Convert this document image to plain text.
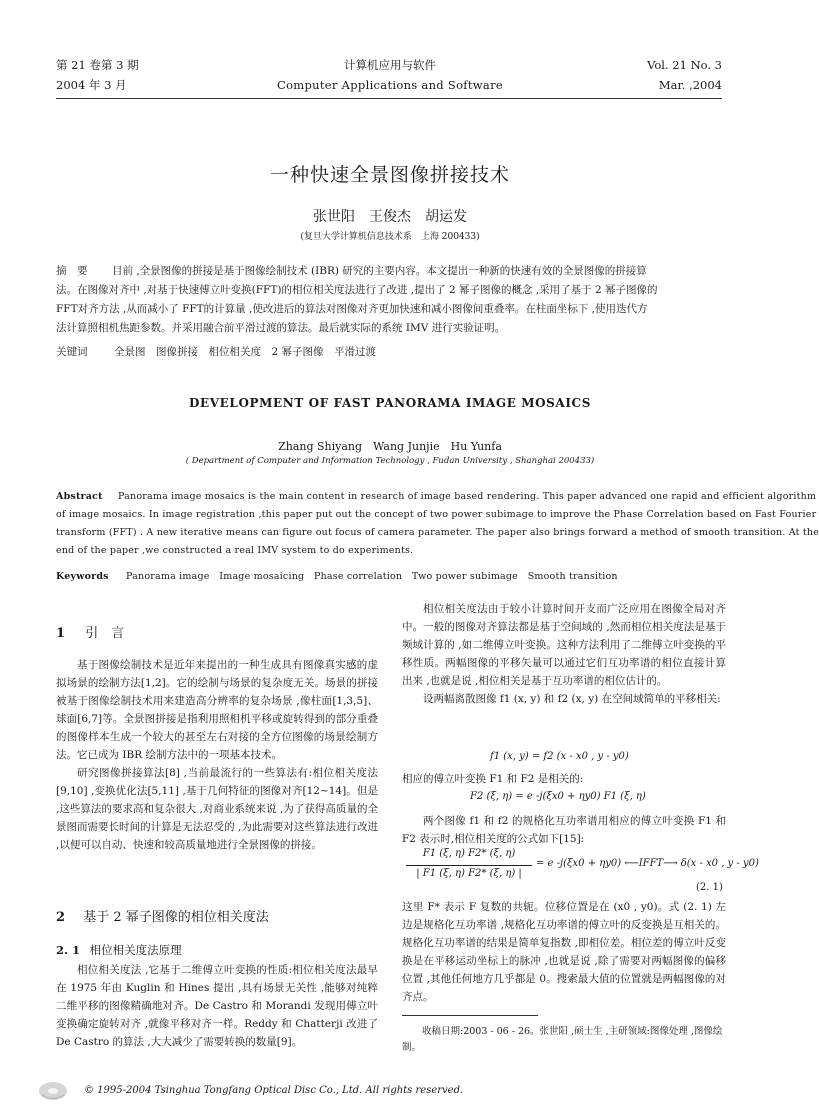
第 21 卷第 3 期
2004 年 3 月
计算机应用与软件
Computer Applications and Software
Vol. 21 No. 3
Mar. ,2004
一种快速全景图像拼接技术
张世阳　王俊杰　胡运发
(复旦大学计算机信息技术系　上海 200433)
摘　要	目前 ,全景图像的拼接是基于图像绘制技术 (IBR) 研究的主要内容。本文提出一种新的快速有效的全景图像的拼接算
法。在图像对齐中 ,对基于快速傅立叶变换(FFT)的相位相关度法进行了改进 ,提出了 2 幂子图像的概念 ,采用了基于 2 幂子图像的
FFT对齐方法 ,从而减小了 FFT的计算量 ,使改进后的算法对图像对齐更加快速和减小图像间重叠率。在柱面坐标下 ,使用迭代方
法计算照相机焦距参数。并采用融合前平滑过渡的算法。最后就实际的系统 IMV 进行实验证明。
关键词	全景图　图像拼接　相位相关度　2 幂子图像　平滑过渡
DEVELOPMENT OF FAST PANORAMA IMAGE MOSAICS
Zhang Shiyang　Wang Junjie　Hu Yunfa
( Department of Computer and Information Technology , Fudan University , Shanghai 200433)
Abstract Panorama image mosaics is the main content in research of image based rendering. This paper advanced one rapid and efficient algorithm
of image mosaics. In image registration ,this paper put out the concept of two power subimage to improve the Phase Correlation based on Fast Fourier
transform (FFT) . A new iterative means can figure out focus of camera parameter. The paper also brings forward a method of smooth transition. At the
end of the paper ,we constructed a real IMV system to do experiments.
Keywords Panorama image　Image mosaicing　Phase correlation　Two power subimage　Smooth transition
1 引　言

基于图像绘制技术是近年来提出的一种生成具有图像真实感的虚拟场景的绘制方法[1,2]。它的绘制与场景的复杂度无关。场景的拼接被基于图像绘制技术用来建造高分辨率的复杂场景 ,像柱面[1,3,5]、球面[6,7]等。全景图拼接是指利用照相机平移或旋转得到的部分重叠的图像样本生成一个较大的甚至左右对接的全方位图像的场景绘制方法。它已成为 IBR 绘制方法中的一项基本技术。

研究图像拼接算法[8] ,当前最流行的一些算法有:相位相关度法[9,10] ,变换优化法[5,11] ,基于几何特征的图像对齐[12~14]。但是 ,这些算法的要求高和复杂很大 ,对商业系统来说 ,为了获得高质量的全景图而需要长时间的计算是无法忍受的 ,为此需要对这些算法进行改进 ,以便可以自动、快速和较高质量地进行全景图像的拼接。

2 基于 2 幂子图像的相位相关度法
2. 1 相位相关度法原理

相位相关度法 ,它基于二维傅立叶变换的性质:相位相关度法最早在 1975 年由 Kuglin 和 Hines 提出 ,具有场景无关性 ,能够对纯粹二维平移的图像精确地对齐。De Castro 和 Morandi 发现用傅立叶变换确定旋转对齐 ,就像平移对齐一样。Reddy 和 Chatterji 改进了 De Castro 的算法 ,大大减少了需要转换的数量[9]。

相位相关度法由于较小计算时间开支而广泛应用在图像全局对齐中。一般的图像对齐算法都是基于空间域的 ,然而相位相关度法是基于频域计算的 ,如二维傅立叶变换。这种方法利用了二维傅立叶变换的平移性质。两幅图像的平移矢量可以通过它们互功率谱的相位直接计算出来 ,也就是说 ,相位相关是基于互功率谱的相位估计的。

设两幅离散图像 f1 (x, y) 和 f2 (x, y) 在空间域简单的平移相关:

f1 (x, y) = f2 (x - x0 , y - y0)

相应的傅立叶变换 F1 和 F2 是相关的:

F2 (ξ, η) = e -j(ξx0 + ηy0) F1 (ξ, η)

两个图像 f1 和 f2 的规格化互功率谱用相应的傅立叶变换 F1 和 F2 表示时,相位相关度的公式如下[15]:

F1 (ξ, η) F2* (ξ, η)
| F1 (ξ, η) F2* (ξ, η) |
= e -j(ξx0 + ηy0) ⟵IFFT⟶ δ(x - x0 , y - y0)
(2. 1)

这里 F* 表示 F 复数的共轭。位移位置是在 (x0 , y0)。式 (2. 1) 左边是规格化互功率谱 ,规格化互功率谱的傅立叶的反变换是互相关的。规格化互功率谱的结果是简单复指数 ,即相位差。相位差的傅立叶反变换是在平移运动坐标上的脉冲 ,也就是说 ,除了需要对两幅图像的偏移位置 ,其他任何地方几乎都是 0。搜索最大值的位置就是两幅图像的对齐点。

收稿日期:2003 - 06 - 26。张世阳 ,硕士生 ,主研领域:图像处理 ,图像绘制。
© 1995-2004 Tsinghua Tongfang Optical Disc Co., Ltd. All rights reserved.
